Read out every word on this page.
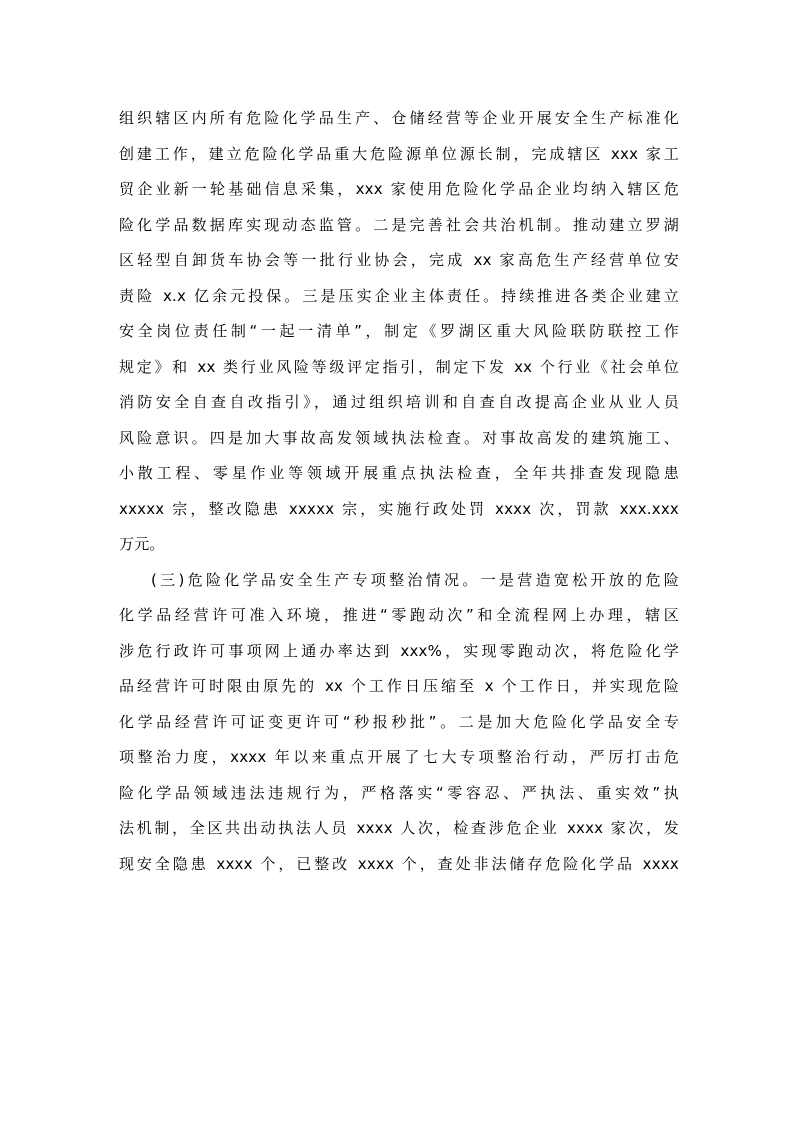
组织辖区内所有危险化学品生产、仓储经营等企业开展安全生产标准化
创建工作，建立危险化学品重大危险源单位源长制，完成辖区 xxx 家工
贸企业新一轮基础信息采集，xxx 家使用危险化学品企业均纳入辖区危
险化学品数据库实现动态监管。二是完善社会共治机制。推动建立罗湖
区轻型自卸货车协会等一批行业协会，完成 xx 家高危生产经营单位安
责险 x.x 亿余元投保。三是压实企业主体责任。持续推进各类企业建立
安全岗位责任制“一起一清单”，制定《罗湖区重大风险联防联控工作
规定》和 xx 类行业风险等级评定指引，制定下发 xx 个行业《社会单位
消防安全自查自改指引》，通过组织培训和自查自改提高企业从业人员
风险意识。四是加大事故高发领域执法检查。对事故高发的建筑施工、
小散工程、零星作业等领域开展重点执法检查，全年共排查发现隐患
xxxxx 宗，整改隐患 xxxxx 宗，实施行政处罚 xxxx 次，罚款 xxx.xxx
万元。
(三)危险化学品安全生产专项整治情况。一是营造宽松开放的危险
化学品经营许可准入环境，推进“零跑动次”和全流程网上办理，辖区
涉危行政许可事项网上通办率达到 xxx%，实现零跑动次，将危险化学
品经营许可时限由原先的 xx 个工作日压缩至 x 个工作日，并实现危险
化学品经营许可证变更许可“秒报秒批”。二是加大危险化学品安全专
项整治力度，xxxx 年以来重点开展了七大专项整治行动，严厉打击危
险化学品领域违法违规行为，严格落实“零容忍、严执法、重实效”执
法机制，全区共出动执法人员 xxxx 人次，检查涉危企业 xxxx 家次，发
现安全隐患 xxxx 个，已整改 xxxx 个，查处非法储存危险化学品 xxxx
